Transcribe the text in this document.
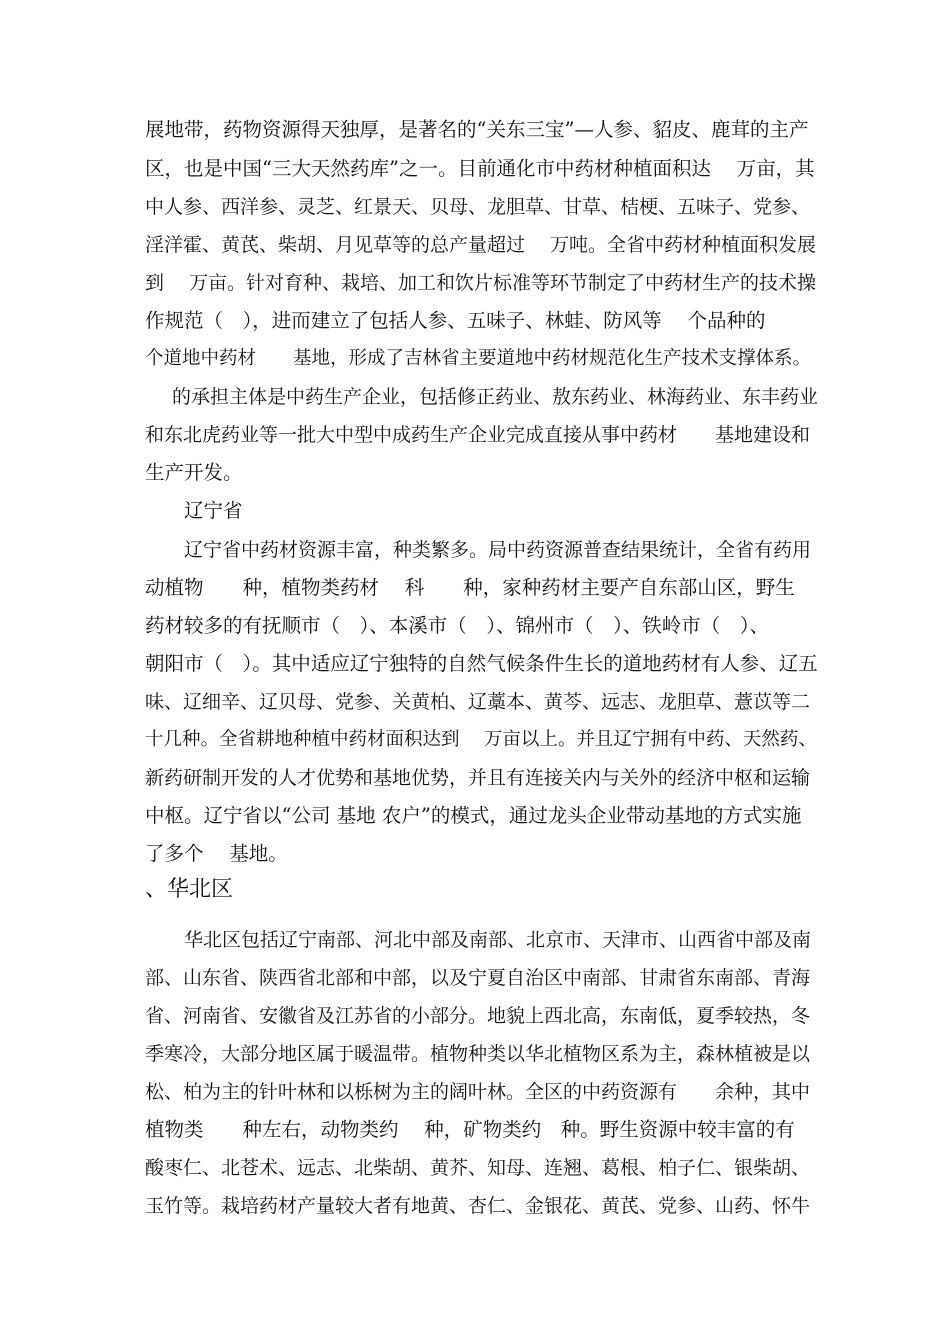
展地带，药物资源得天独厚，是著名的“关东三宝”—人参、貂皮、鹿茸的主产
区，也是中国“三大天然药库”之一。目前通化市中药材种植面积达　 万亩，其
中人参、西洋参、灵芝、红景天、贝母、龙胆草、甘草、桔梗、五味子、党参、
淫洋霍、黄芪、柴胡、月见草等的总产量超过　 万吨。全省中药材种植面积发展
到　 万亩。针对育种、栽培、加工和饮片标准等环节制定了中药材生产的技术操
作规范（　），进而建立了包括人参、五味子、林蛙、防风等　 个品种的
个道地中药材　　基地，形成了吉林省主要道地中药材规范化生产技术支撑体系。
的承担主体是中药生产企业，包括修正药业、敖东药业、林海药业、东丰药业
和东北虎药业等一批大中型中成药生产企业完成直接从事中药材　　基地建设和
生产开发。
辽宁省
辽宁省中药材资源丰富，种类繁多。局中药资源普查结果统计，全省有药用
动植物　　种，植物类药材　 科　　种，家种药材主要产自东部山区，野生
药材较多的有抚顺市（　）、本溪市（　）、锦州市（　）、铁岭市（　）、
朝阳市（　）。其中适应辽宁独特的自然气候条件生长的道地药材有人参、辽五
味、辽细辛、辽贝母、党参、关黄柏、辽藁本、黄芩、远志、龙胆草、薏苡等二
十几种。全省耕地种植中药材面积达到　 万亩以上。并且辽宁拥有中药、天然药、
新药研制开发的人才优势和基地优势，并且有连接关内与关外的经济中枢和运输
中枢。辽宁省以“公司 基地 农户”的模式，通过龙头企业带动基地的方式实施
了多个　 基地。
、华北区
华北区包括辽宁南部、河北中部及南部、北京市、天津市、山西省中部及南
部、山东省、陕西省北部和中部，以及宁夏自治区中南部、甘肃省东南部、青海
省、河南省、安徽省及江苏省的小部分。地貌上西北高，东南低，夏季较热，冬
季寒冷，大部分地区属于暖温带。植物种类以华北植物区系为主，森林植被是以
松、柏为主的针叶林和以栎树为主的阔叶林。全区的中药资源有　　余种，其中
植物类　　种左右，动物类约　 种，矿物类约　种。野生资源中较丰富的有
酸枣仁、北苍术、远志、北柴胡、黄芥、知母、连翘、葛根、柏子仁、银柴胡、
玉竹等。栽培药材产量较大者有地黄、杏仁、金银花、黄芪、党参、山药、怀牛
